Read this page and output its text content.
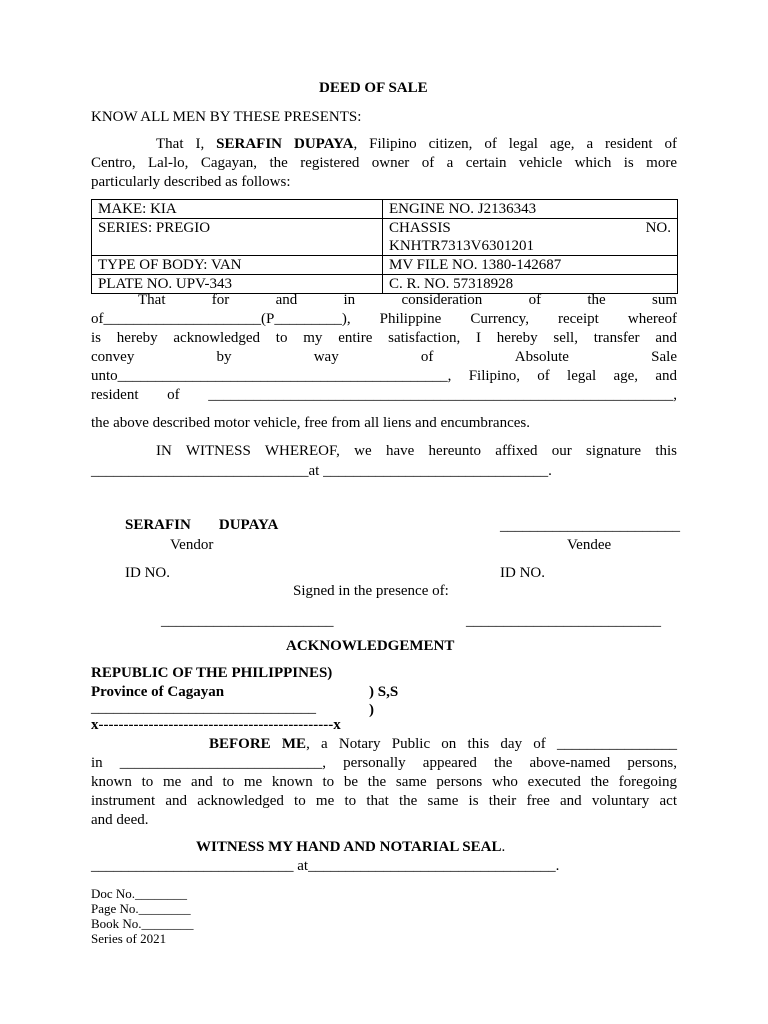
DEED OF SALE
KNOW ALL MEN BY THESE PRESENTS:
That I, SERAFIN DUPAYA, Filipino citizen, of legal age, a resident of
Centro, Lal-lo, Cagayan, the registered owner of a certain vehicle which is more
particularly described as follows:
MAKE: KIA	ENGINE NO. J2136343
SERIES: PREGIO	CHASSIS NO.
KNHTR7313V6301201

TYPE OF BODY: VAN	MV FILE NO. 1380-142687
PLATE NO. UPV-343	C. R. NO. 57318928
That for and in consideration of the sum
of_____________________(P_________), Philippine Currency, receipt whereof
is hereby acknowledged to my entire satisfaction, I hereby sell, transfer and
convey by way of Absolute Sale
unto____________________________________________, Filipino, of legal age, and
resident of ______________________________________________________________,
the above described motor vehicle, free from all liens and encumbrances.
IN WITNESS WHEREOF, we have hereunto affixed our signature this
_____________________________at ______________________________.
SERAFIN DUPAYA
Vendor
________________________
Vendee
ID NO.	ID NO.
Signed in the presence of:
_______________________	__________________________
ACKNOWLEDGEMENT
REPUBLIC OF THE PHILIPPINES)
Province of Cagayan	) S,S
______________________________	)
x-----------------------------------------------x
BEFORE ME, a Notary Public on this day of ________________
in ___________________________, personally appeared the above-named persons,
known to me and to me known to be the same persons who executed the foregoing
instrument and acknowledged to me to that the same is their free and voluntary act
and deed.
WITNESS MY HAND AND NOTARIAL SEAL.
___________________________ at_________________________________.
Doc No.________
Page No.________
Book No.________
Series of 2021
